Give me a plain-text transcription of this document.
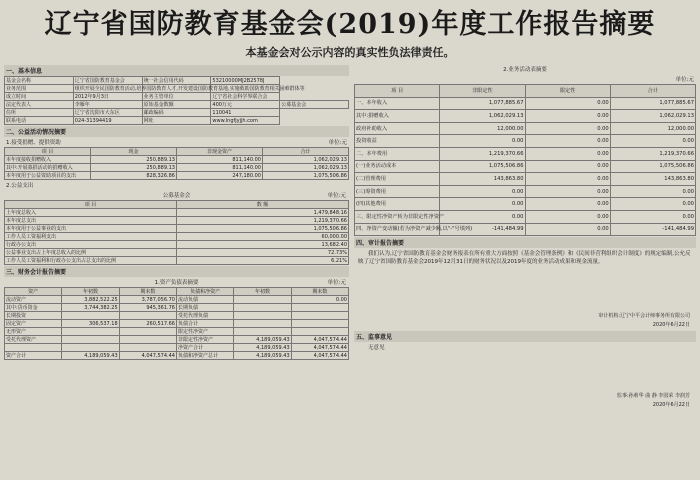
辽宁省国防教育基金会(2019)年度工作报告摘要
本基金会对公示内容的真实性负法律责任。
一、基本信息
基金会名称	辽宁省国防教育基金会	统一社会信用代码	53210000MJ2B2578J	
业务范围	组织开展全民国防教育活动,培养国防教育人才,开发建设国防教育基地,实施救助国防教育相关困难群体等			
成立时间	2012年9月3日	业务主管单位	辽宁省社会科学界联合会	
法定代表人	李雁年	原始基金数额	400万元	公募基金会
住所	辽宁省沈阳市大东区	邮政编码	110041	
联系电话	024-31394419	网址	www.lngfjyjjh.com	
二、公益活动情况摘要
1.接受捐赠、提供资助	单位:元
项 目	现金	非现金资产	合计
本年度接收捐赠收入	250,889.13	811,140.00	1,062,029.13
其中:开展募捐活动的捐赠收入	250,889.13	811,140.00	1,062,029.13
本年度用于公益资助项目的支出	828,326.86	247,180.00	1,075,506.86
2.公益支出
公募基金会	单位:元
项 目	数 额
上年度总收入	1,479,848.16
本年度总支出	1,219,370.66
本年度用于公益事业的支出	1,075,506.86
工作人员工资福利支出	60,000.00
行政办公支出	13,682.40
公益事业支出占上年度总收入的比例	72.73%
工作人员工资福利和行政办公支出占总支出的比例	6.21%
三、财务会计报告摘要
1.资产负债表摘要	单位:元
资产	年初数	期末数	负债和净资产	年初数	期末数
流动资产	3,882,522.25	3,787,056.70	流动负债		0.00
其中:货币资金	3,744,382.25	945,361.76	长期负债		
长期投资			受托代理负债		
固定资产	306,537.18	260,517.66	负债合计		
无形资产			限定性净资产		
受托代理资产			非限定性净资产	4,189,059.43	4,047,574.44
			净资产合计	4,189,059.43	4,047,574.44
资产合计	4,189,059.43	4,047,574.44	负债和净资产总计	4,189,059.43	4,047,574.44
2.业务活动表摘要
单位:元
项 目	非限定性	限定性	合计
一、本年收入	1,077,885.67	0.00	1,077,885.67
其中:捐赠收入	1,062,029.13	0.00	1,062,029.13
政府补助收入	12,000.00	0.00	12,000.00
投资收益	0.00	0.00	0.00
二、本年费用	1,219,370.66	0.00	1,219,370.66
(一)业务活动成本	1,075,506.86	0.00	1,075,506.86
(二)管理费用	143,863.80	0.00	143,863.80
(三)筹资费用	0.00	0.00	0.00
(四)其他费用	0.00	0.00	0.00
三、限定性净资产转为非限定性净资产	0.00	0.00	0.00
四、净资产变动额(若为净资产减少额,以"-"号填列)	-141,484.99	0.00	-141,484.99
四、审计报告摘要
我们认为,辽宁省国防教育基金会财务报表在所有重大方面按照《基金会管理条例》和《民间非营利组织会计制度》的规定编制,公允反映了辽宁省国防教育基金会2019年12月31日的财务状况以及2019年度的业务活动成果和现金流量。
审计机构:辽宁中平会计师事务所有限公司
2020年6月22日
五、监事意见
无意见
监事:孙莉华 曲 静 李国荣 李润芳
2020年6月22日
